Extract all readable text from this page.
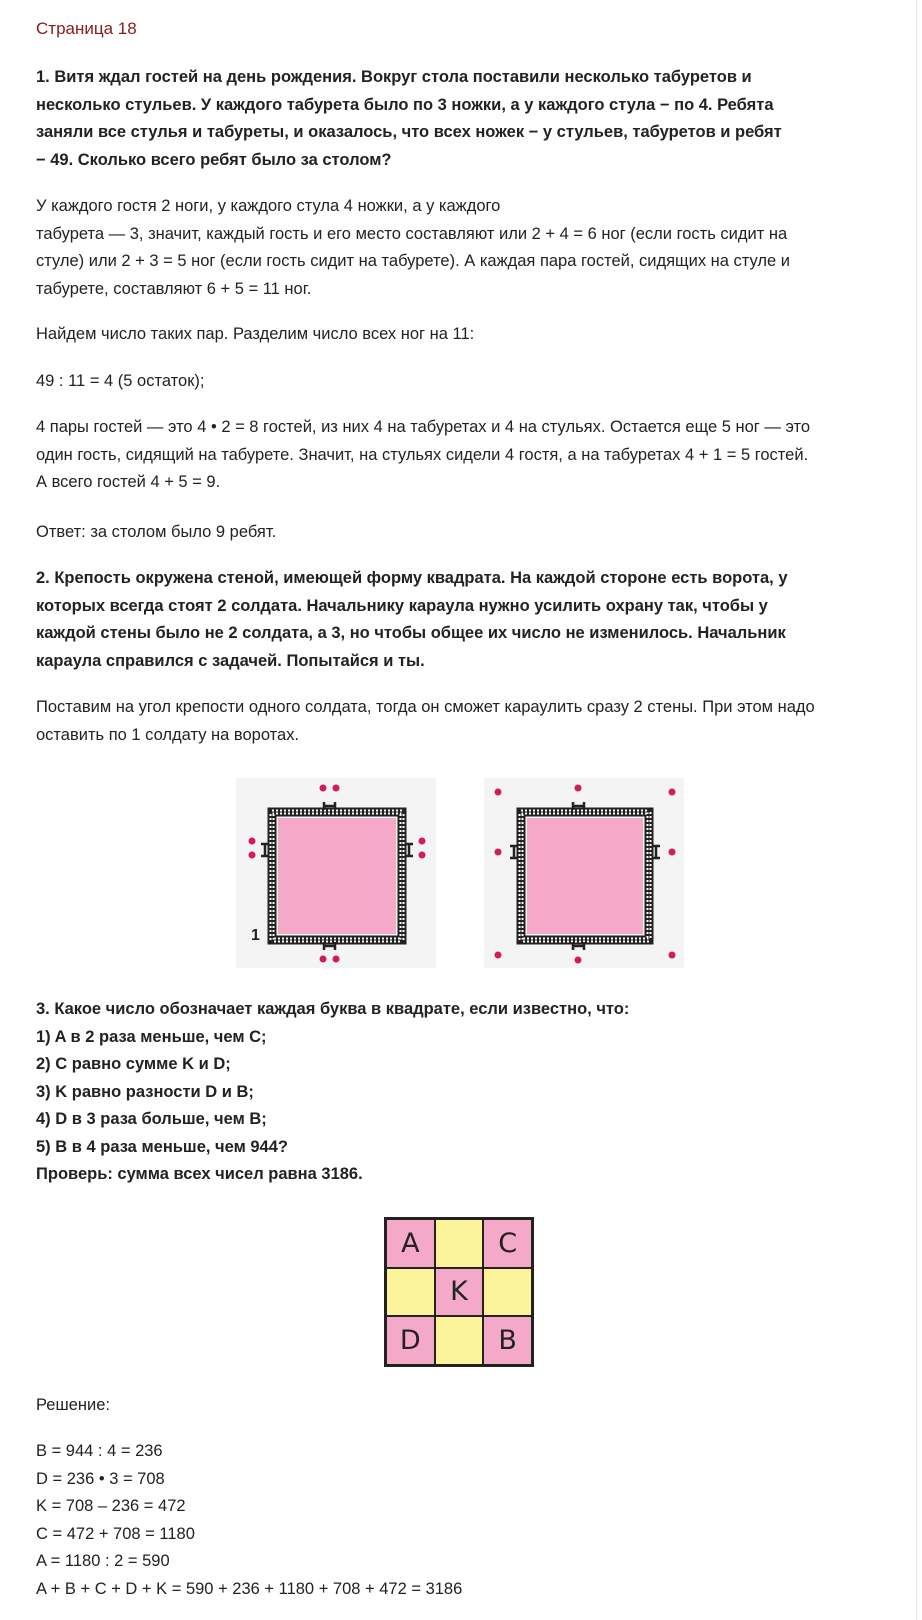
Страница 18

1. Витя ждал гостей на день рождения. Вокруг стола поставили несколько табуретов и
несколько стульев. У каждого табурета было по 3 ножки, а у каждого стула − по 4. Ребята
заняли все стулья и табуреты, и оказалось, что всех ножек − у стульев, табуретов и ребят
− 49. Сколько всего ребят было за столом?

У каждого гостя 2 ноги, у каждого стула 4 ножки, а у каждого
табурета — 3, значит, каждый гость и его место составляют или 2 + 4 = 6 ног (если гость сидит на
стуле) или 2 + 3 = 5 ног (если гость сидит на табурете). А каждая пара гостей, сидящих на стуле и
табурете, составляют 6 + 5 = 11 ног.

Найдем число таких пар. Разделим число всех ног на 11:

49 : 11 = 4 (5 остаток);

4 пары гостей — это 4 • 2 = 8 гостей, из них 4 на табуретах и 4 на стульях. Остается еще 5 ног — это
один гость, сидящий на табурете. Значит, на стульях сидели 4 гостя, а на табуретах 4 + 1 = 5 гостей.
А всего гостей 4 + 5 = 9.

Ответ: за столом было 9 ребят.

2. Крепость окружена стеной, имеющей форму квадрата. На каждой стороне есть ворота, у
которых всегда стоят 2 солдата. Начальнику караула нужно усилить охрану так, чтобы у
каждой стены было не 2 солдата, а 3, но чтобы общее их число не изменилось. Начальник
караула справился с задачей. Попытайся и ты.

Поставим на угол крепости одного солдата, тогда он сможет караулить сразу 2 стены. При этом надо
оставить по 1 солдату на воротах.

1

3. Какое число обозначает каждая буква в квадрате, если известно, что:
1) A в 2 раза меньше, чем C;
2) C равно сумме K и D;
3) K равно разности D и B;
4) D в 3 раза больше, чем B;
5) B в 4 раза меньше, чем 944?
Проверь: сумма всех чисел равна 3186.

A	C
K
D	B

Решение:

B = 944 : 4 = 236
D = 236 • 3 = 708
K = 708 – 236 = 472
C = 472 + 708 = 1180
A = 1180 : 2 = 590
A + B + C + D + K = 590 + 236 + 1180 + 708 + 472 = 3186
